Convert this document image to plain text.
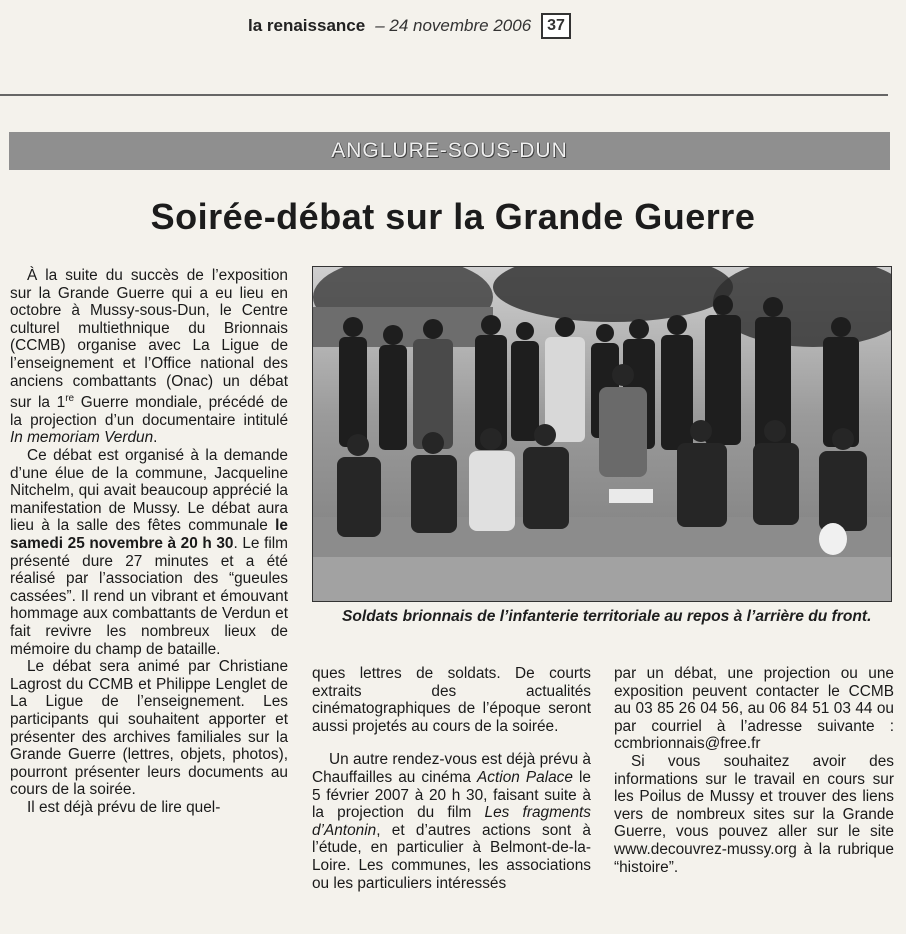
la renaissance – 24 novembre 2006	37
ANGLURE-SOUS-DUN
Soirée-débat sur la Grande Guerre

À la suite du succès de l’exposition sur la Grande Guerre qui a eu lieu en octobre à Mussy-sous-Dun, le Centre culturel multiethnique du Brionnais (CCMB) organise avec La Ligue de l’enseignement et l’Office national des anciens combattants (Onac) un débat sur la 1re Guerre mondiale, précédé de la projection d’un documentaire intitulé In memoriam Verdun.

Ce débat est organisé à la demande d’une élue de la commune, Jacqueline Nitchelm, qui avait beaucoup apprécié la manifestation de Mussy. Le débat aura lieu à la salle des fêtes communale le samedi 25 novembre à 20 h 30. Le film présenté dure 27 minutes et a été réalisé par l’association des “gueules cassées”. Il rend un vibrant et émouvant hommage aux combattants de Verdun et fait revivre les nombreux lieux de mémoire du champ de bataille.

Le débat sera animé par Christiane Lagrost du CCMB et Philippe Lenglet de La Ligue de l’enseignement. Les participants qui souhaitent apporter et présenter des archives familiales sur la Grande Guerre (lettres, objets, photos), pourront présenter leurs documents au cours de la soirée.

Il est déjà prévu de lire quel-

Soldats brionnais de l’infanterie territoriale au repos à l’arrière du front.

ques lettres de soldats. De courts extraits des actualités cinématographiques de l’époque seront aussi projetés au cours de la soirée.

Un autre rendez-vous est déjà prévu à Chauffailles au cinéma Action Palace le 5 février 2007 à 20 h 30, faisant suite à la projection du film Les fragments d’Antonin, et d’autres actions sont à l’étude, en particulier à Belmont-de-la-Loire. Les communes, les associations ou les particuliers intéressés

par un débat, une projection ou une exposition peuvent contacter le CCMB au 03 85 26 04 56, au 06 84 51 03 44 ou par courriel à l’adresse suivante : ccmbrionnais@free.fr

Si vous souhaitez avoir des informations sur le travail en cours sur les Poilus de Mussy et trouver des liens vers de nombreux sites sur la Grande Guerre, vous pouvez aller sur le site www.decouvrez-mussy.org à la rubrique “histoire”.
